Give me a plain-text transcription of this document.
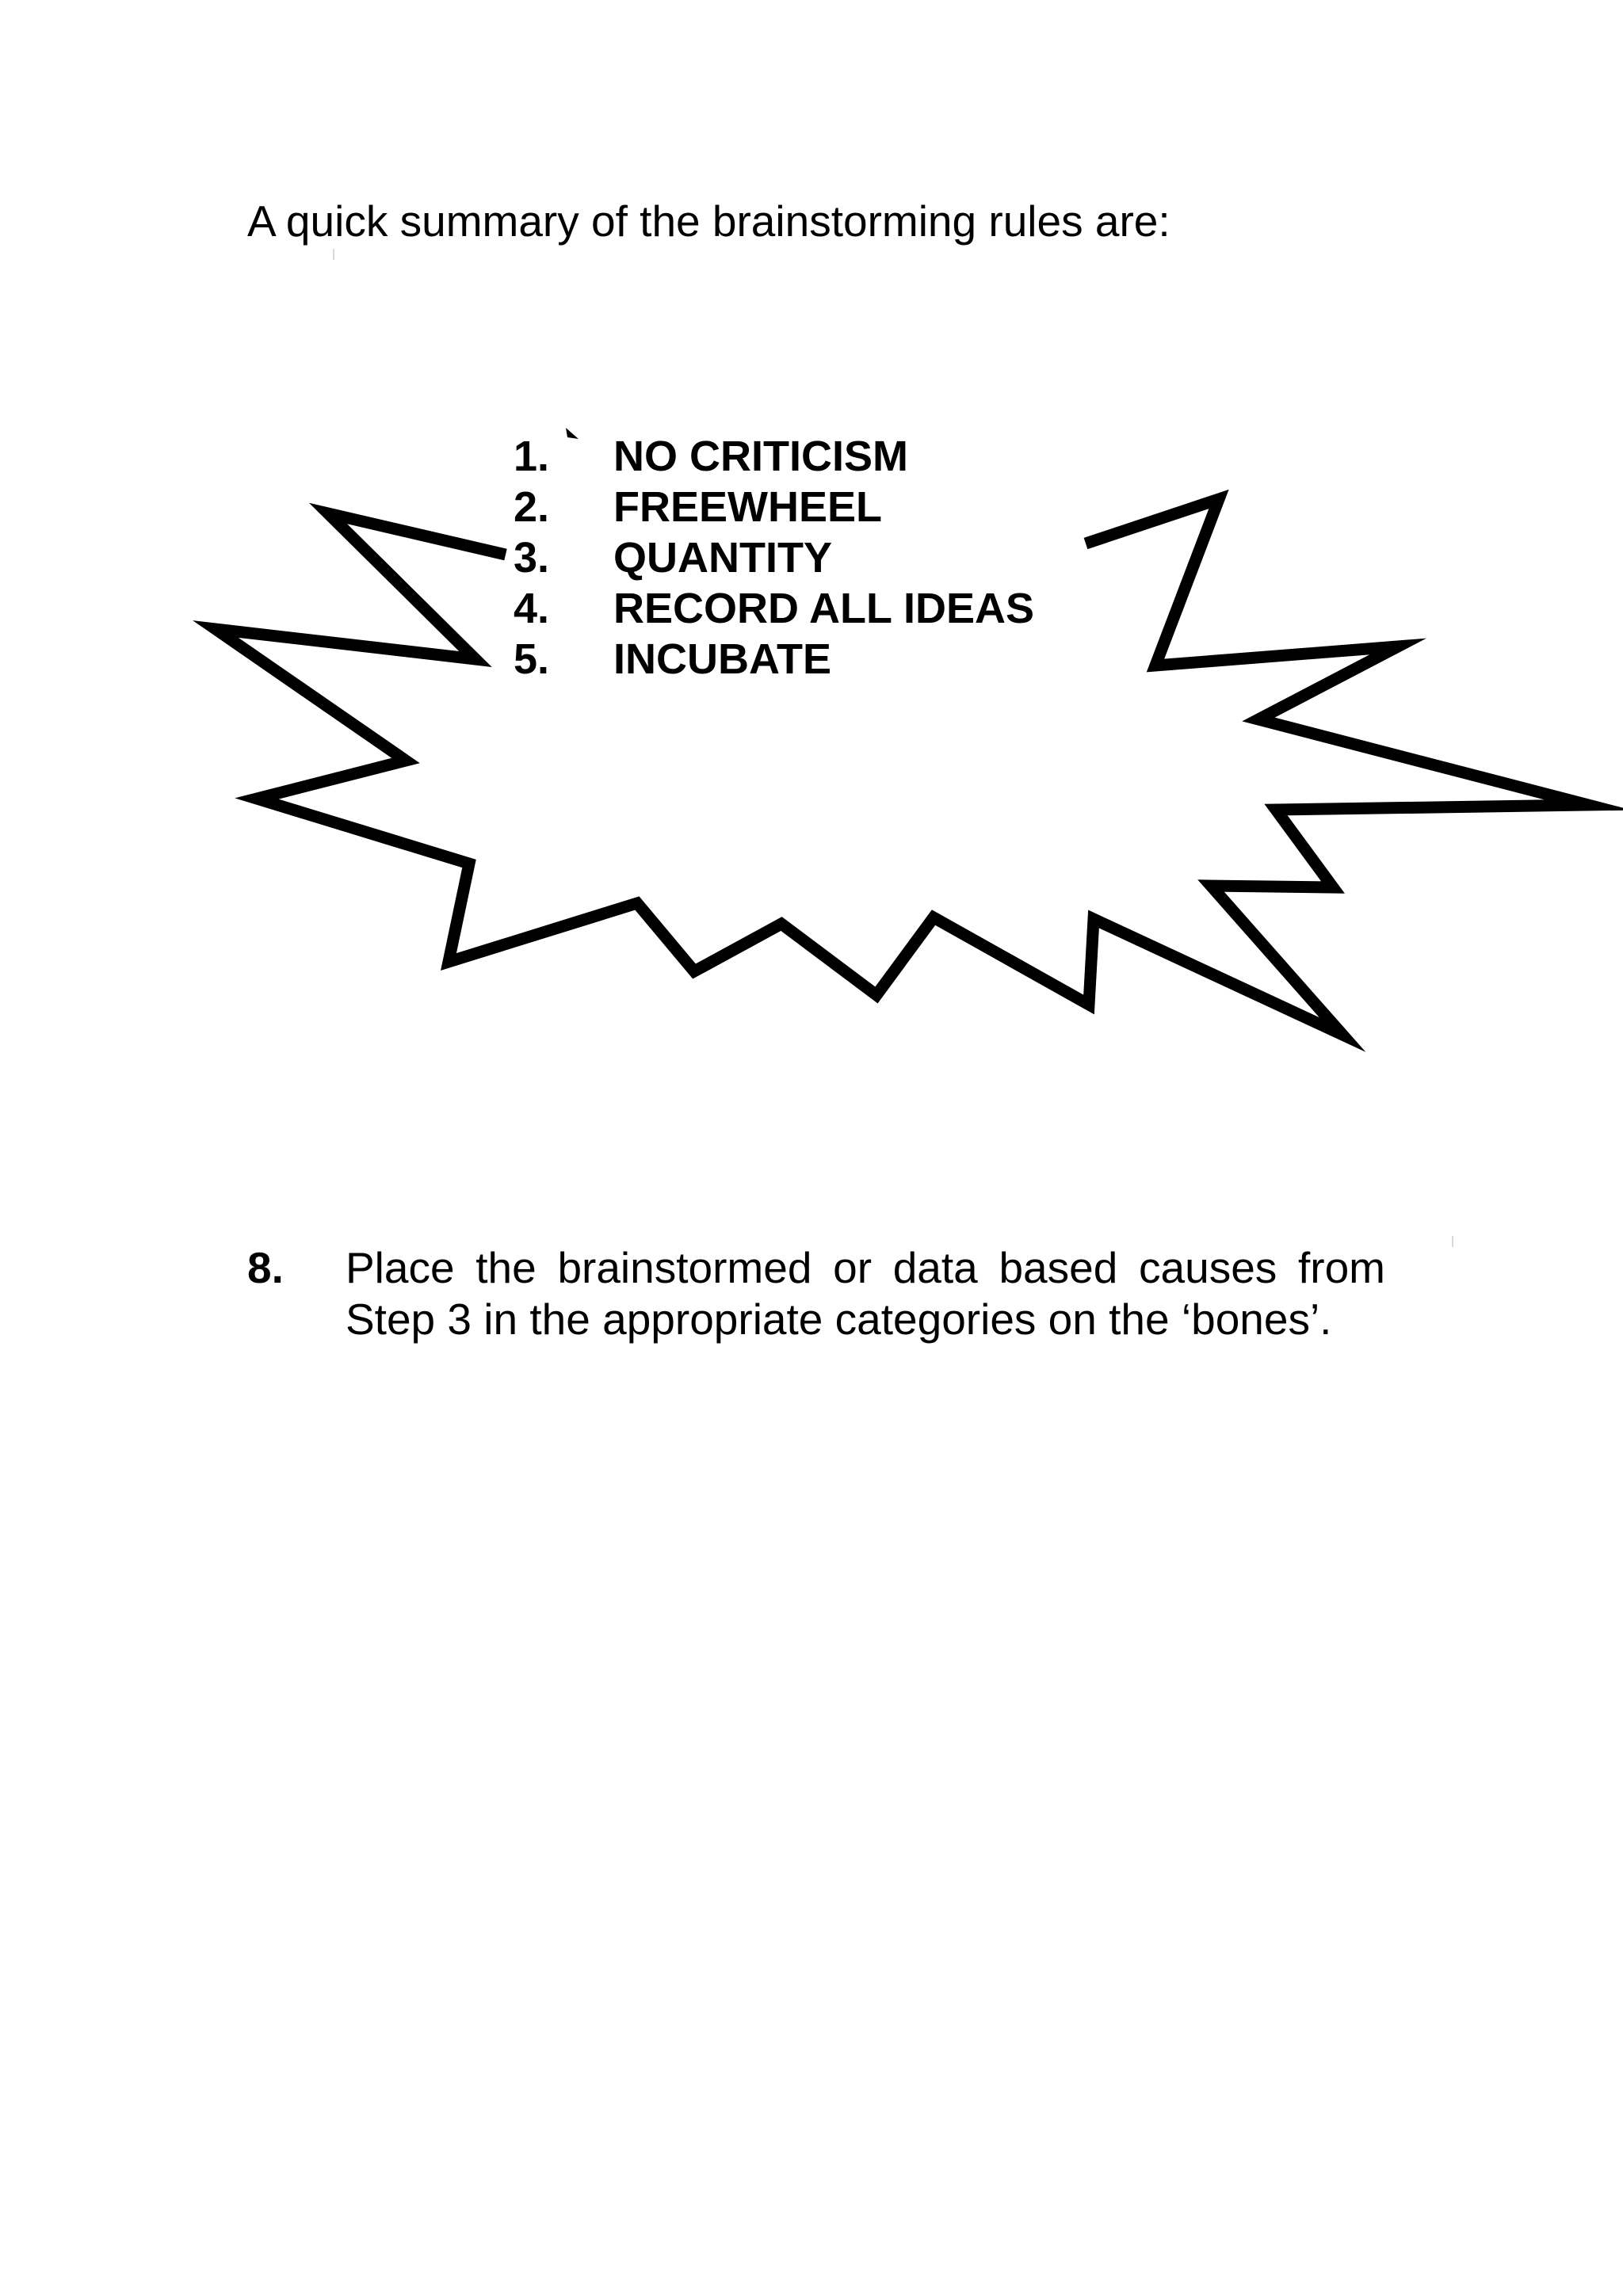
A quick summary of the brainstorming rules are:

1.	NO CRITICISM
2.	FREEWHEEL
3.	QUANTITY
4.	RECORD ALL IDEAS
5.	INCUBATE
8.	Place the brainstormed or data based causes from Step 3 in the appropriate categories on the ‘bones’.
